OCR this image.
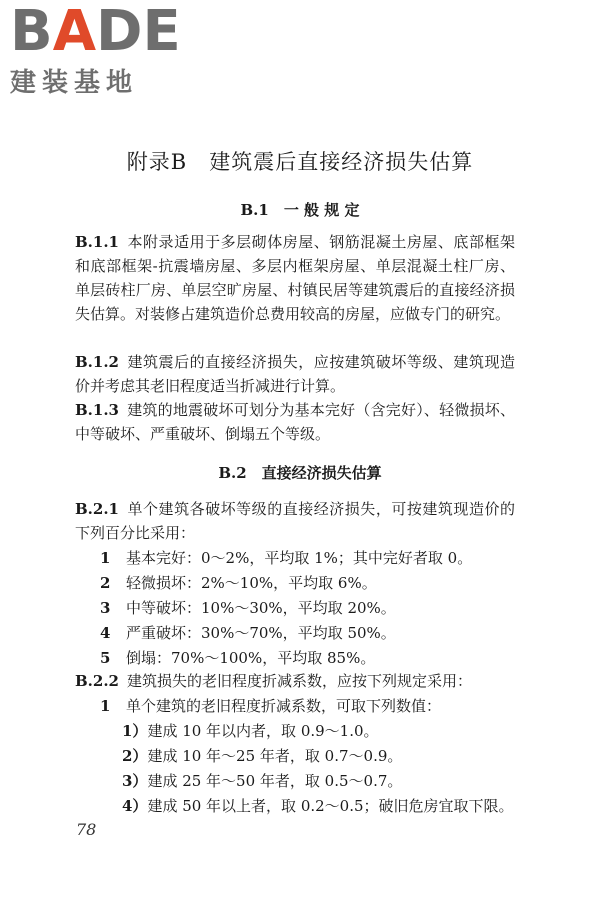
BADE
建装基地
附录B　建筑震后直接经济损失估算
B.1　一 般 规 定

B.1.1 本附录适用于多层砌体房屋、钢筋混凝土房屋、底部框架和底部框架-抗震墙房屋、多层内框架房屋、单层混凝土柱厂房、单层砖柱厂房、单层空旷房屋、村镇民居等建筑震后的直接经济损失估算。对装修占建筑造价总费用较高的房屋，应做专门的研究。

B.1.2 建筑震后的直接经济损失，应按建筑破坏等级、建筑现造价并考虑其老旧程度适当折减进行计算。

B.1.3 建筑的地震破坏可划分为基本完好（含完好）、轻微损坏、中等破坏、严重破坏、倒塌五个等级。

B.2　直接经济损失估算

B.2.1 单个建筑各破坏等级的直接经济损失，可按建筑现造价的下列百分比采用：

1 基本完好：0～2%，平均取 1%；其中完好者取 0。
2 轻微损坏：2%～10%，平均取 6%。
3 中等破坏：10%～30%，平均取 20%。
4 严重破坏：30%～70%，平均取 50%。
5 倒塌：70%～100%，平均取 85%。

B.2.2 建筑损失的老旧程度折减系数，应按下列规定采用：

1 单个建筑的老旧程度折减系数，可取下列数值：
1）建成 10 年以内者，取 0.9～1.0。
2）建成 10 年～25 年者，取 0.7～0.9。
3）建成 25 年～50 年者，取 0.5～0.7。
4）建成 50 年以上者，取 0.2～0.5；破旧危房宜取下限。
78
